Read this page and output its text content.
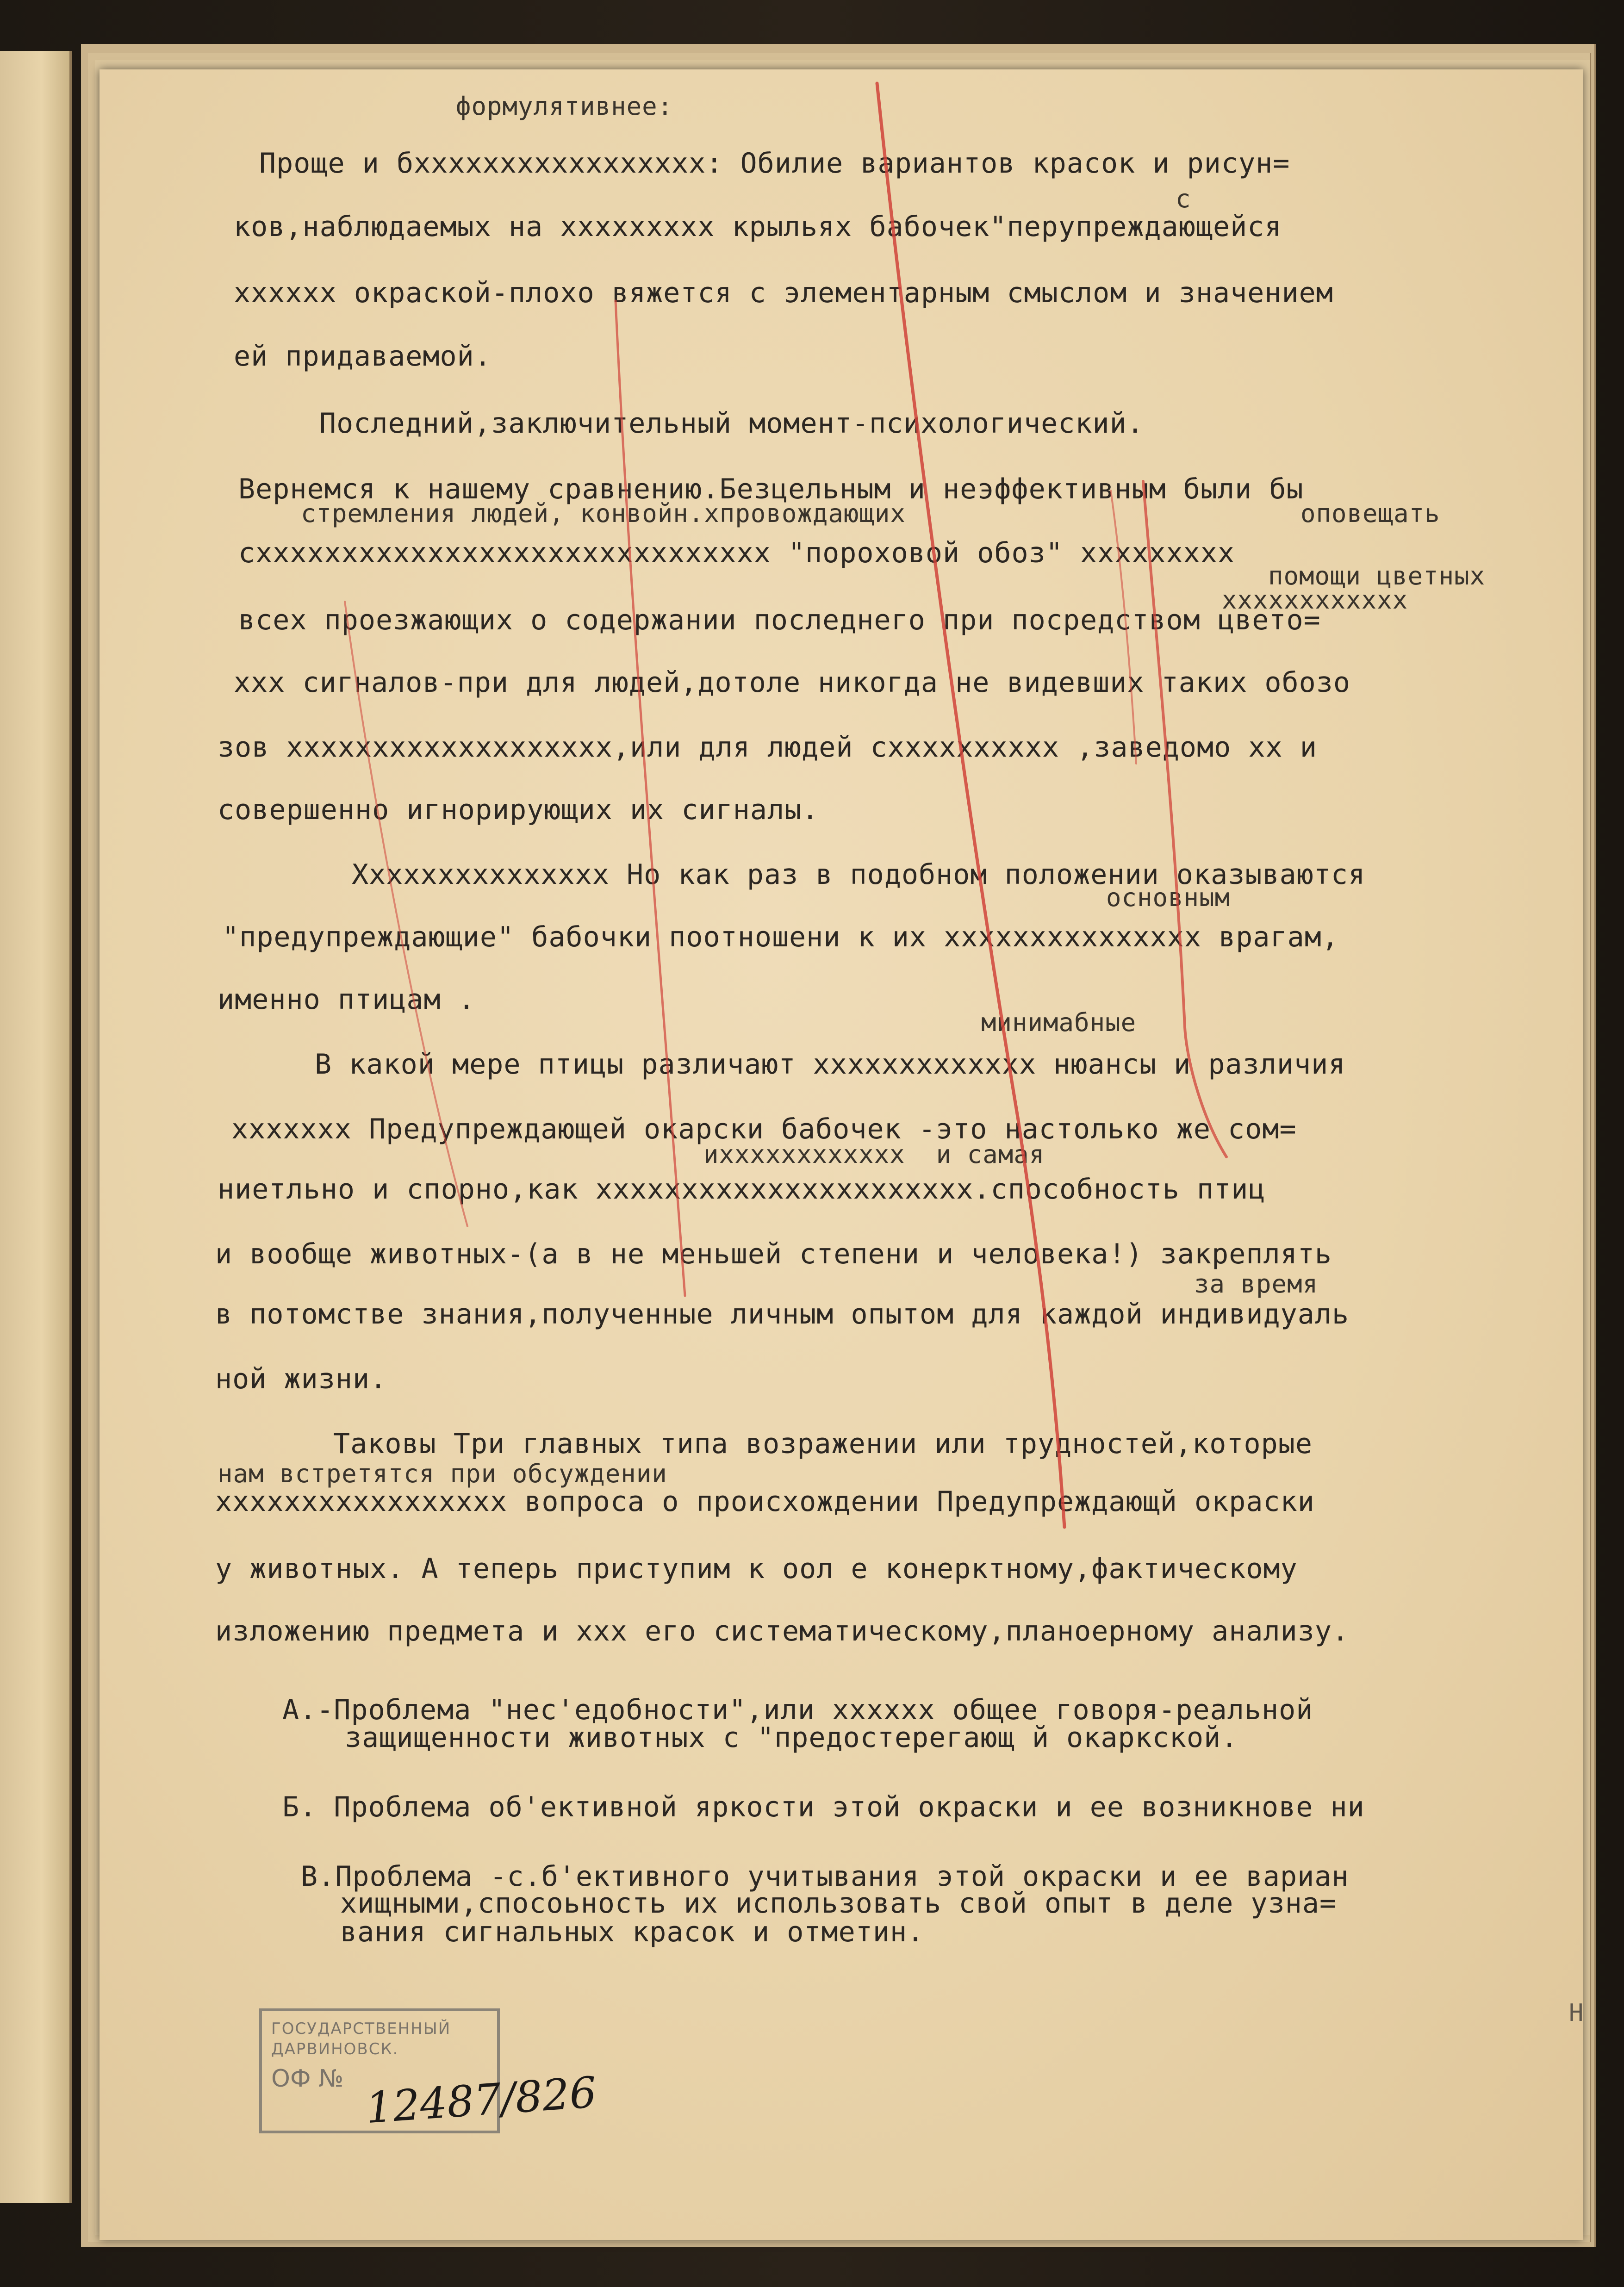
формулятивнее:
Проще и бxxxxxxxxxxxxxxxxx: Обилие вариантов красок и рисун=
с
ков,наблюдаемых на xxxxxxxxx крыльях бабочек"перупреждающейся
xxxxxx окраской-плохо вяжется с элементарным смыслом и значением
ей придаваемой.
Последний,заключительный момент-психологический.
Вернемся к нашему сравнению.Безцельным и неэффективным были бы
стремления людей, конвойн.xпровождающих	оповещать
сxxxxxxxxxxxxxxxxxxxxxxxxxxxxxx "пороховой обоз" xxxxxxxxx
помощи цветных
xxxxxxxxxxxx
всех проезжающих о содержании последнего при посредством цвето=
xxx сигналов-при для людей,дотоле никогда не видевших таких обозо
зов xxxxxxxxxxxxxxxxxxx,или для людей сxxxxxxxxxx ,заведомо xx и
совершенно игнорирующих их сигналы.
Xxxxxxxxxxxxxxx Но как раз в подобном положении оказываются
основным
"предупреждающие" бабочки поотношени к их xxxxxxxxxxxxxxx врагам,
именно птицам .
минимабные
В какой мере птицы различают xxxxxxxxxxxxx нюансы и различия
xxxxxxx Предупреждающей окарски бабочек -это настолько же сом=
иxxxxxxxxxxxx  и самая
ниетльно и спорно,как xxxxxxxxxxxxxxxxxxxxxx.способность птиц
и вообще животных-(а в не меньшей степени и человека!) закреплять
за время
в потомстве знания,полученные личным опытом для каждой индивидуаль
ной жизни.
Таковы Три главных типа возражении или трудностей,которые
нам встретятся при обсуждении
xxxxxxxxxxxxxxxxx вопроса о происхождении Предупреждающй окраски
у животных. А теперь приступим к оол е конерктному,фактическому
изложению предмета и xxx его систематическому,планоерному анализу.
А.-Проблема "нес'едобности",или xxxxxx общее говоря-реальной
защищенности животных с "предостерегающ й окаркской.
Б. Проблема об'ективной яркости этой окраски и ее возникнове ни
В.Проблема -с.б'ективного учитывания этой окраски и ее вариан
хищными,спосоьность их использовать свой опыт в деле узна=
вания сигнальных красок и отметин.
ГОСУДАРСТВЕННЫЙ
ДАРВИНОВСК.
ОФ № 12487/826
Н
